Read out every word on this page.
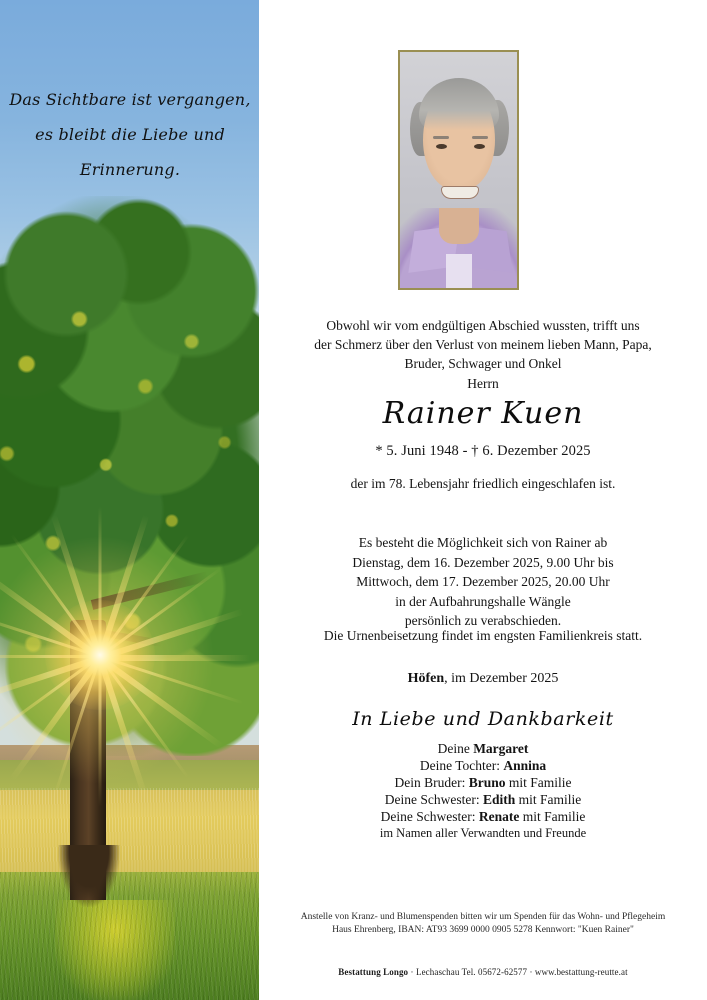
Das Sichtbare ist vergangen,
es bleibt die Liebe und
Erinnerung.
Obwohl wir vom endgültigen Abschied wussten, trifft uns
der Schmerz über den Verlust von meinem lieben Mann, Papa,
Bruder, Schwager und Onkel
Herrn
Rainer Kuen
* 5. Juni 1948 - † 6. Dezember 2025
der im 78. Lebensjahr friedlich eingeschlafen ist.
Es besteht die Möglichkeit sich von Rainer ab
Dienstag, dem 16. Dezember 2025, 9.00 Uhr bis
Mittwoch, dem 17. Dezember 2025, 20.00 Uhr
in der Aufbahrungshalle Wängle
persönlich zu verabschieden.
Die Urnenbeisetzung findet im engsten Familienkreis statt.
Höfen, im Dezember 2025
In Liebe und Dankbarkeit
Deine Margaret
Deine Tochter: Annina
Dein Bruder: Bruno mit Familie
Deine Schwester: Edith mit Familie
Deine Schwester: Renate mit Familie
im Namen aller Verwandten und Freunde
Anstelle von Kranz- und Blumenspenden bitten wir um Spenden für das Wohn- und Pflegeheim
Haus Ehrenberg, IBAN: AT93 3699 0000 0905 5278 Kennwort: "Kuen Rainer"
Bestattung Longo · Lechaschau Tel. 05672-62577 · www.bestattung-reutte.at
